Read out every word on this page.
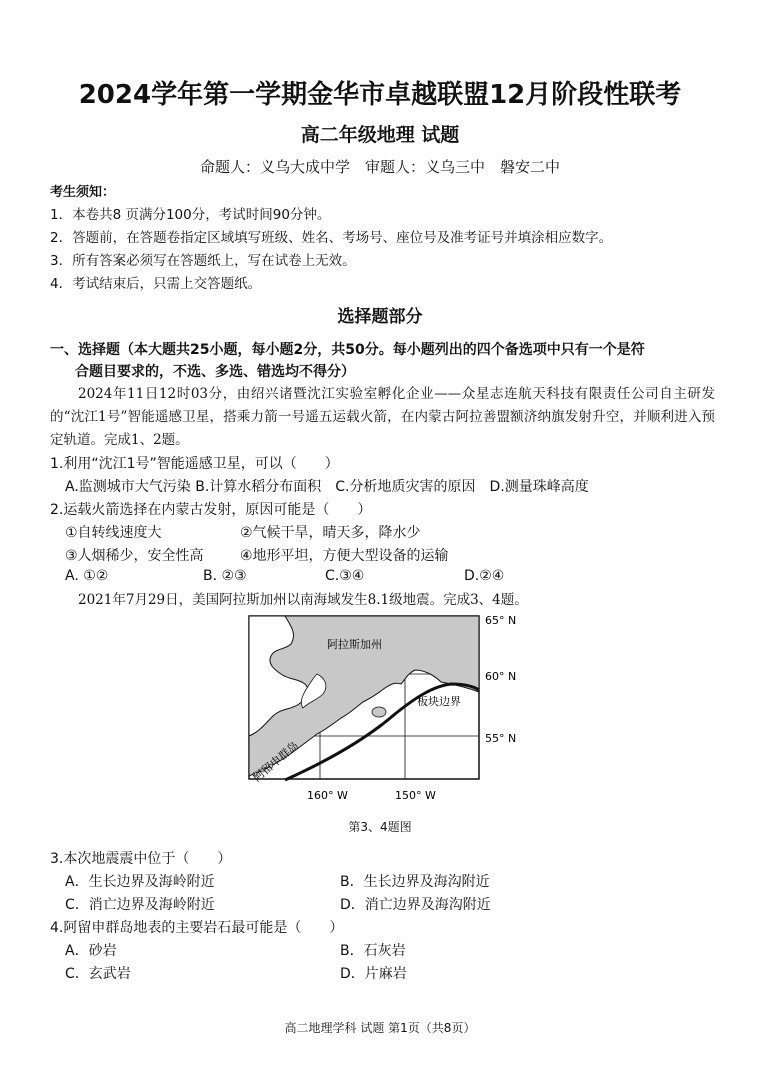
2024学年第一学期金华市卓越联盟12月阶段性联考
高二年级地理 试题
命题人：义乌大成中学　审题人：义乌三中　磐安二中
考生须知：
1．本卷共8 页满分100分，考试时间90分钟。
2．答题前，在答题卷指定区域填写班级、姓名、考场号、座位号及准考证号并填涂相应数字。
3．所有答案必须写在答题纸上，写在试卷上无效。
4．考试结束后，只需上交答题纸。
选择题部分
一、选择题（本大题共25小题，每小题2分，共50分。每小题列出的四个备选项中只有一个是符
合题目要求的，不选、多选、错选均不得分）
2024年11日12时03分，由绍兴诸暨沈江实验室孵化企业——众星志连航天科技有限责任公司自主研发的“沈江1号”智能遥感卫星，搭乘力箭一号遥五运载火箭，在内蒙古阿拉善盟额济纳旗发射升空，并顺利进入预定轨道。完成1、2题。
1.利用“沈江1号”智能遥感卫星，可以（　　）
A.监测城市大气污染 B.计算水稻分布面积　C.分析地质灾害的原因　D.测量珠峰高度
2.运载火箭选择在内蒙古发射，原因可能是（　　）
①自转线速度大	②气候干旱，晴天多，降水少
③人烟稀少，安全性高	④地形平坦，方便大型设备的运输
A. ①②	B. ②③	C.③④	D.②④
2021年7月29日，美国阿拉斯加州以南海域发生8.1级地震。完成3、4题。
阿拉斯加州
板块边界
阿留申群岛
65° N
60° N
55° N
160° W	150° W
第3、4题图
3.本次地震震中位于（　　）
A．生长边界及海岭附近	B．生长边界及海沟附近
C．消亡边界及海岭附近	D．消亡边界及海沟附近
4.阿留申群岛地表的主要岩石最可能是（　　）
A．砂岩	B．石灰岩
C．玄武岩	D．片麻岩
高二地理学科 试题 第1页（共8页）
